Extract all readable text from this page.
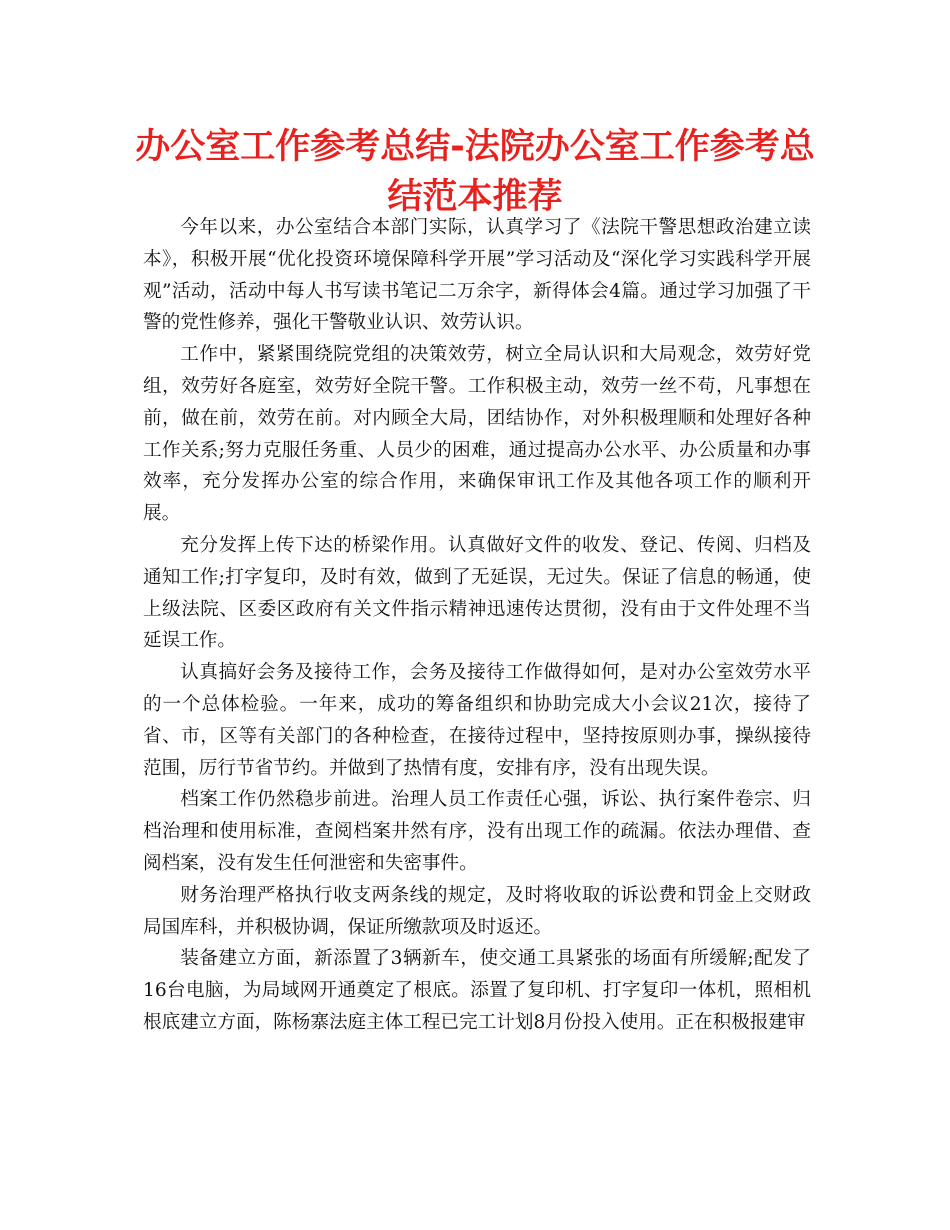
办公室工作参考总结-法院办公室工作参考总结范本推荐

今年以来，办公室结合本部门实际，认真学习了《法院干警思想政治建立读本》，积极开展“优化投资环境保障科学开展”学习活动及“深化学习实践科学开展观”活动，活动中每人书写读书笔记二万余字，新得体会4篇。通过学习加强了干警的党性修养，强化干警敬业认识、效劳认识。

工作中，紧紧围绕院党组的决策效劳，树立全局认识和大局观念，效劳好党组，效劳好各庭室，效劳好全院干警。工作积极主动，效劳一丝不苟，凡事想在前，做在前，效劳在前。对内顾全大局，团结协作，对外积极理顺和处理好各种工作关系;努力克服任务重、人员少的困难，通过提高办公水平、办公质量和办事效率，充分发挥办公室的综合作用，来确保审讯工作及其他各项工作的顺利开展。

充分发挥上传下达的桥梁作用。认真做好文件的收发、登记、传阅、归档及通知工作;打字复印，及时有效，做到了无延误，无过失。保证了信息的畅通，使上级法院、区委区政府有关文件指示精神迅速传达贯彻，没有由于文件处理不当延误工作。

认真搞好会务及接待工作，会务及接待工作做得如何，是对办公室效劳水平的一个总体检验。一年来，成功的筹备组织和协助完成大小会议21次，接待了省、市，区等有关部门的各种检查，在接待过程中，坚持按原则办事，操纵接待范围，厉行节省节约。并做到了热情有度，安排有序，没有出现失误。

档案工作仍然稳步前进。治理人员工作责任心强，诉讼、执行案件卷宗、归档治理和使用标准，查阅档案井然有序，没有出现工作的疏漏。依法办理借、查阅档案，没有发生任何泄密和失密事件。

财务治理严格执行收支两条线的规定，及时将收取的诉讼费和罚金上交财政局国库科，并积极协调，保证所缴款项及时返还。

装备建立方面，新添置了3辆新车，使交通工具紧张的场面有所缓解;配发了16台电脑，为局域网开通奠定了根底。添置了复印机、打字复印一体机，照相机根底建立方面，陈杨寨法庭主体工程已完工计划8月份投入使用。正在积极报建审
